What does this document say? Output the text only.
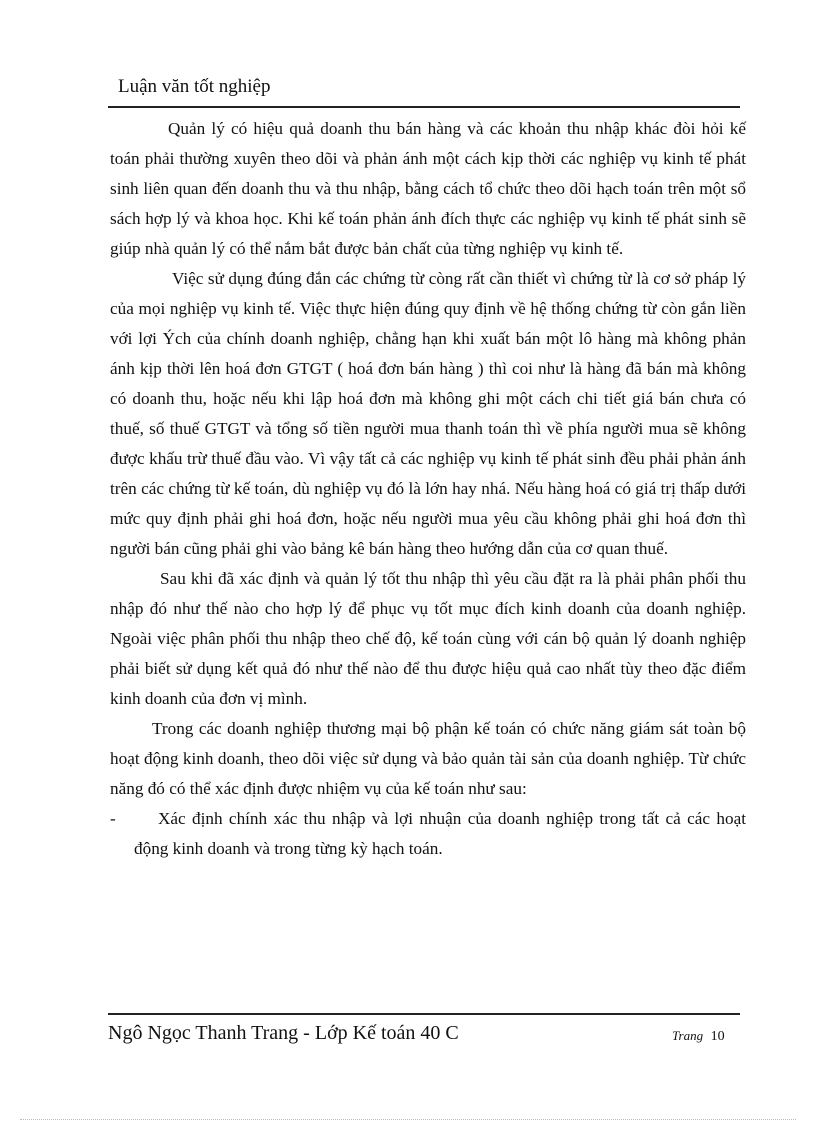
Luận văn tốt nghiệp

Quản lý có hiệu quả doanh thu bán hàng và các khoản thu nhập khác đòi hỏi kế toán phải thường xuyên theo dõi và phản ánh một cách kịp thời các nghiệp vụ kinh tế phát sinh liên quan đến doanh thu và thu nhập, bằng cách tổ chức theo dõi hạch toán trên một sổ sách hợp lý và khoa học. Khi kế toán phản ánh đích thực các nghiệp vụ kinh tế phát sinh sẽ giúp nhà quản lý có thể nắm bắt được bản chất của từng nghiệp vụ kinh tế.

Việc sử dụng đúng đắn các chứng từ còng rất cần thiết vì chứng từ là cơ sở pháp lý của mọi nghiệp vụ kinh tế. Việc thực hiện đúng quy định về hệ thống chứng từ còn gắn liền với lợi Ých của chính doanh nghiệp, chẳng hạn khi xuất bán một lô hàng mà không phản ánh kịp thời lên hoá đơn GTGT ( hoá đơn bán hàng ) thì coi như là hàng đã bán mà không có doanh thu, hoặc nếu khi lập hoá đơn mà không ghi một cách chi tiết giá bán chưa có thuế, số thuế GTGT và tổng số tiền người mua thanh toán thì về phía người mua sẽ không được khấu trừ thuế đầu vào. Vì vậy tất cả các nghiệp vụ kinh tế phát sinh đều phải phản ánh trên các chứng từ kế toán, dù nghiệp vụ đó là lớn hay nhá. Nếu hàng hoá có giá trị thấp dưới mức quy định phải ghi hoá đơn, hoặc nếu người mua yêu cầu không phải ghi hoá đơn thì người bán cũng phải ghi vào bảng kê bán hàng theo hướng dẫn của cơ quan thuế.

Sau khi đã xác định và quản lý tốt thu nhập thì yêu cầu đặt ra là phải phân phối thu nhập đó như thế nào cho hợp lý để phục vụ tốt mục đích kinh doanh của doanh nghiệp. Ngoài việc phân phối thu nhập theo chế độ, kế toán cùng với cán bộ quản lý doanh nghiệp phải biết sử dụng kết quả đó như thế nào để thu được hiệu quả cao nhất tùy theo đặc điểm kinh doanh của đơn vị mình.

Trong các doanh nghiệp thương mại bộ phận kế toán có chức năng giám sát toàn bộ hoạt động kinh doanh, theo dõi việc sử dụng và bảo quản tài sản của doanh nghiệp. Từ chức năng đó có thể xác định được nhiệm vụ của kế toán như sau:

-	Xác định chính xác thu nhập và lợi nhuận của doanh nghiệp trong tất cả các hoạt động kinh doanh và trong từng kỳ hạch toán.

Ngô Ngọc Thanh Trang - Lớp Kế toán 40 C	Trang 10
